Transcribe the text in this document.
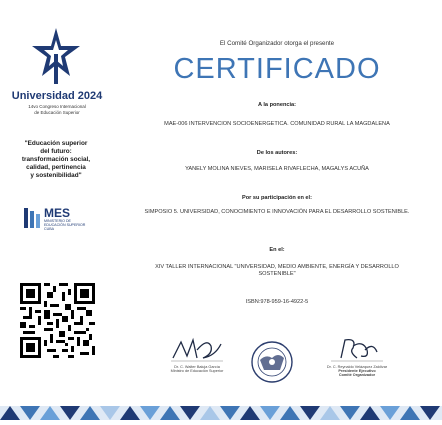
Universidad 2024
14vo Congreso Internacional
de Educación Superior
"Educación superior
del futuro:
transformación social,
calidad, pertinencia
y sostenibilidad"
MES
MINISTERIO DE EDUCACIÓN SUPERIOR CUBA
El Comité Organizador otorga el presente
CERTIFICADO
A la ponencia:
MAE-006 INTERVENCION SOCIOENERGETICA. COMUNIDAD RURAL LA MAGDALENA
De los autores:
YANELY MOLINA NIEVES, MARISELA RIVAFLECHA, MAGALYS ACUÑA
Por su participación en el:
SIMPOSIO 5. UNIVERSIDAD, CONOCIMIENTO E INNOVACIÓN PARA EL DESARROLLO SOSTENIBLE.
En el:
XIV TALLER INTERNACIONAL "UNIVERSIDAD, MEDIO AMBIENTE, ENERGÍA Y DESARROLLO SOSTENIBLE"
ISBN:978-959-16-4922-5
Dr. C. Walter Baluja García
Ministro de Educación Superior
Dr. C. Reynaldo Velázquez Zaldívar
Presidente Ejecutivo
Comité Organizador
